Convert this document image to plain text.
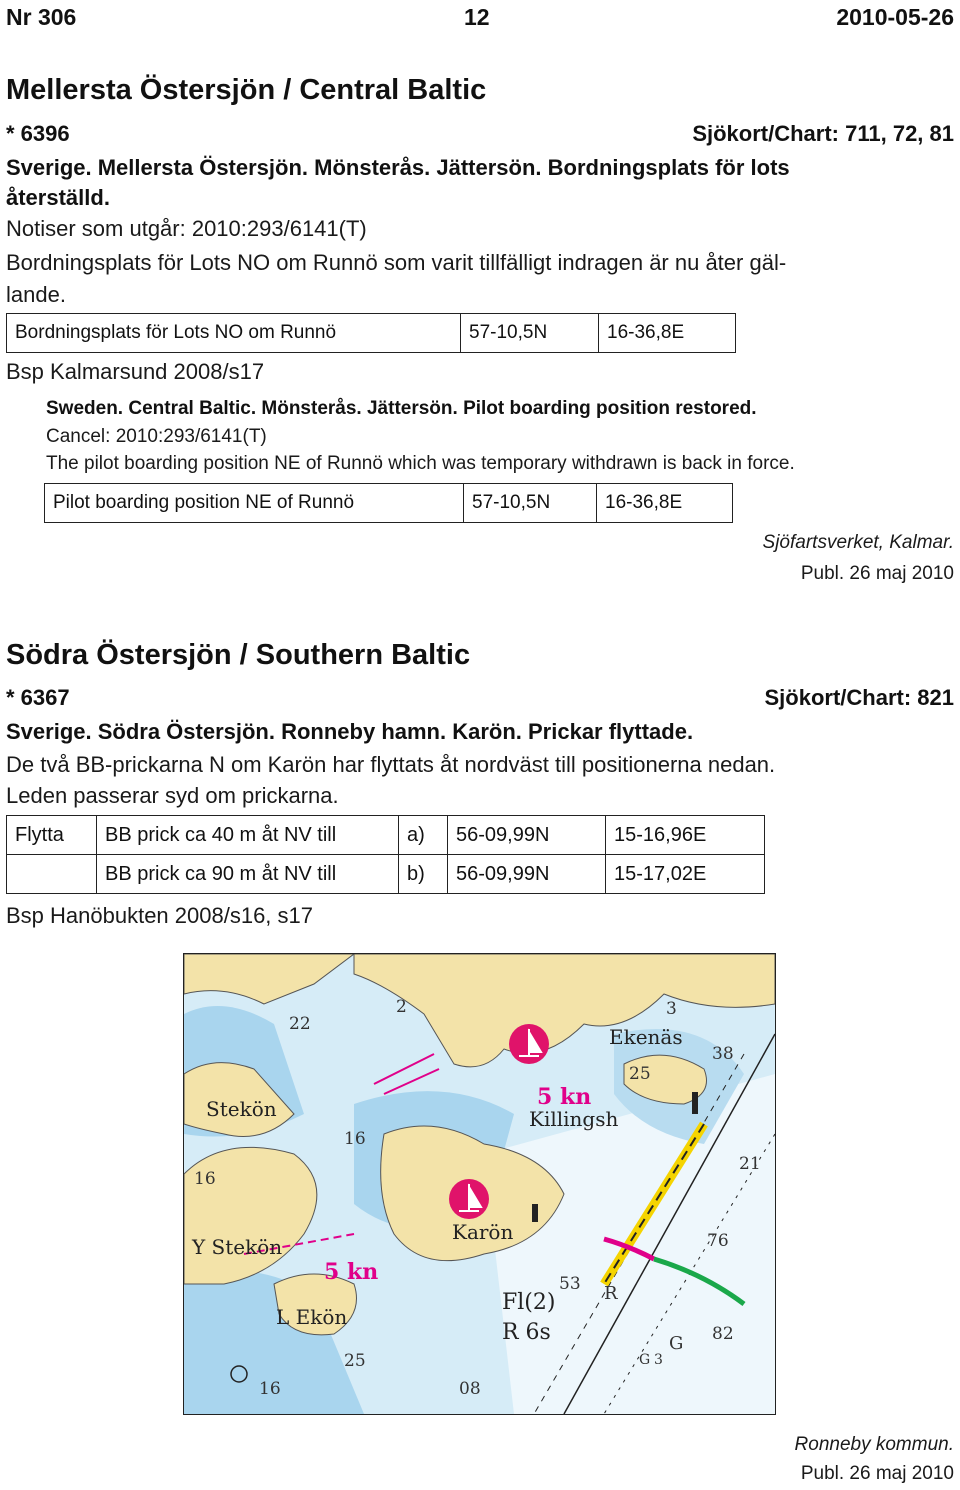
Nr 306	12	2010-05-26
Mellersta Östersjön / Central Baltic
* 6396	Sjökort/Chart: 711, 72, 81
Sverige. Mellersta Östersjön. Mönsterås. Jättersön. Bordningsplats för lots
återställd.
Notiser som utgår: 2010:293/6141(T)
Bordningsplats för Lots NO om Runnö som varit tillfälligt indragen är nu åter gäl-
lande.
Bordningsplats för Lots NO om Runnö	57-10,5N	16-36,8E
Bsp Kalmarsund 2008/s17
Sweden. Central Baltic. Mönsterås. Jättersön. Pilot boarding position restored.
Cancel: 2010:293/6141(T)
The pilot boarding position NE of Runnö which was temporary withdrawn is back in force.
Pilot boarding position NE of Runnö	57-10,5N	16-36,8E
Sjöfartsverket, Kalmar.
Publ. 26 maj 2010
Södra Östersjön / Southern Baltic
* 6367	Sjökort/Chart: 821
Sverige. Södra Östersjön. Ronneby hamn. Karön. Prickar flyttade.
De två BB-prickarna N om Karön har flyttats åt nordväst till positionerna nedan.
Leden passerar syd om prickarna.
Flytta	BB prick ca 40 m åt NV till	a)	56-09,99N	15-16,96E
	BB prick ca 90 m åt NV till	b)	56-09,99N	15-17,02E
Bsp Hanöbukten 2008/s16, s17
Stekön
Y Stekön
L Ekön
Karön
Ekenäs
Killingsh
5 kn
5 kn
Fl(2)
R 6s
22
2
16
3
38
25
21
16
53
25
76
82
08
R
G
G
16
3
Ronneby kommun.
Publ. 26 maj 2010
